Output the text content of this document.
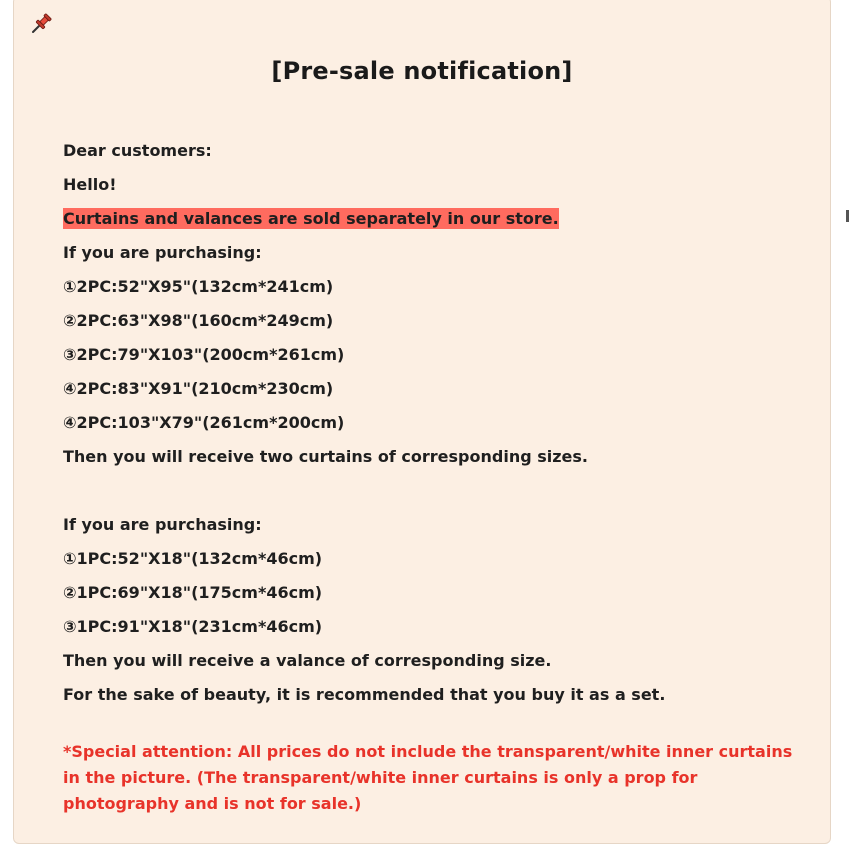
[Pre-sale notification]
Dear customers:
Hello!
Curtains and valances are sold separately in our store.
If you are purchasing:
①2PC:52"X95"(132cm*241cm)
②2PC:63"X98"(160cm*249cm)
③2PC:79"X103"(200cm*261cm)
④2PC:83"X91"(210cm*230cm)
④2PC:103"X79"(261cm*200cm)
Then you will receive two curtains of corresponding sizes.
If you are purchasing:
①1PC:52"X18"(132cm*46cm)
②1PC:69"X18"(175cm*46cm)
③1PC:91"X18"(231cm*46cm)
Then you will receive a valance of corresponding size.
For the sake of beauty, it is recommended that you buy it as a set.
*Special attention: All prices do not include the transparent/white inner curtains in the picture. (The transparent/white inner curtains is only a prop for photography and is not for sale.)
